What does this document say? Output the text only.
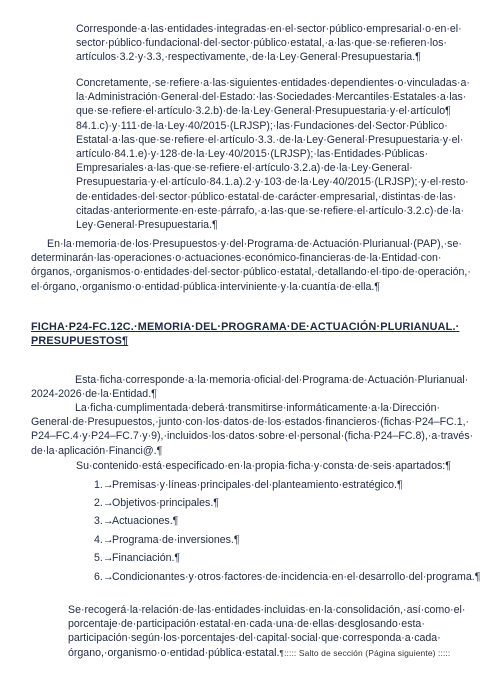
Corresponde·a·las·entidades·integradas·en·el·sector·público·empresarial·o·en·el·
sector·público·fundacional·del·sector·público·estatal,·a·las·que·se·refieren·los·
artículos·3.2·y·3.3,·respectivamente,·de·la·Ley·General·Presupuestaria.¶
Concretamente,·se·refiere·a·las·siguientes·entidades·dependientes·o·vinculadas·a·
la·Administración·General·del·Estado:·las·Sociedades·Mercantiles·Estatales·a·las·
que·se·refiere·el·artículo·3.2.b)·de·la·Ley·General·Presupuestaria·y·el·artículo¶
84.1.c)·y·111·de·la·Ley·40/2015·(LRJSP);·las·Fundaciones·del·Sector·Público·
Estatal·a·las·que·se·refiere·el·artículo·3.3.·de·la·Ley·General·Presupuestaria·y·el·
artículo·84.1.e)·y·128·de·la·Ley·40/2015·(LRJSP);·las·Entidades·Públicas·
Empresariales·a·las·que·se·refiere·el·artículo·3.2.a)·de·la·Ley·General·
Presupuestaria·y·el·artículo·84.1.a).2·y·103·de·la·Ley·40/2015·(LRJSP);·y·el·resto·
de·entidades·del·sector·público·estatal·de·carácter·empresarial,·distintas·de·las·
citadas·anteriormente·en·este·párrafo,·a·las·que·se·refiere·el·artículo·3.2.c)·de·la·
Ley·General·Presupuestaria.¶
En·la·memoria·de·los·Presupuestos·y·del·Programa·de·Actuación·Plurianual·(PAP),·se·
determinarán·las·operaciones·o·actuaciones·económico-financieras·de·la·Entidad·con·
órganos,·organismos·o·entidades·del·sector·público·estatal,·detallando·el·tipo·de·operación,·
el·órgano,·organismo·o·entidad·pública·interviniente·y·la·cuantía·de·ella.¶
FICHA·P24-FC.12C.·MEMORIA·DEL·PROGRAMA·DE·ACTUACIÓN·PLURIANUAL.·
PRESUPUESTOS¶
Esta·ficha·corresponde·a·la·memoria·oficial·del·Programa·de·Actuación·Plurianual·
2024-2026·de·la·Entidad.¶
La·ficha·cumplimentada·deberá·transmitirse·informáticamente·a·la·Dirección·
General·de·Presupuestos,·junto·con·los·datos·de·los·estados·financieros·(fichas·P24–FC.1,·
P24–FC.4·y·P24–FC.7·y·9),·incluidos·los·datos·sobre·el·personal·(ficha·P24–FC.8),·a·través·
de·la·aplicación·Financi@.¶
Su·contenido·está·especificado·en·la·propia·ficha·y·consta·de·seis·apartados:¶
1.→Premisas·y·líneas·principales·del·planteamiento·estratégico.¶
2.→Objetivos·principales.¶
3.→Actuaciones.¶
4.→Programa·de·inversiones.¶
5.→Financiación.¶
6.→Condicionantes·y·otros·factores·de·incidencia·en·el·desarrollo·del·programa.¶
Se·recogerá·la·relación·de·las·entidades·incluidas·en·la·consolidación,·así·como·el·
porcentaje·de·participación·estatal·en·cada·una·de·ellas·desglosando·esta·
participación·según·los·porcentajes·del·capital·social·que·corresponda·a·cada·
órgano,·organismo·o·entidad·pública·estatal.¶::::: Salto de sección (Página siguiente) :::::
